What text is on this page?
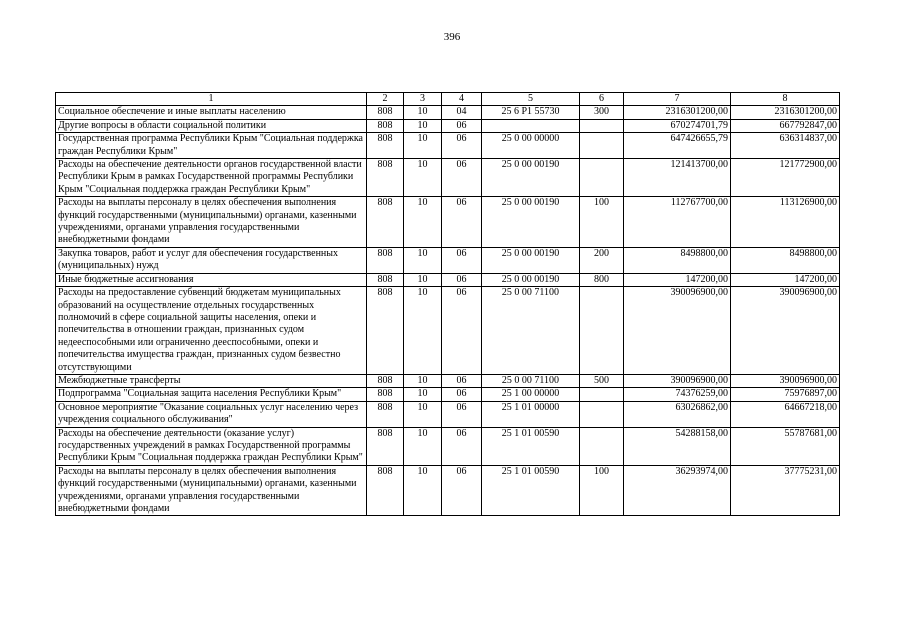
396
1	2	3	4	5	6	7	8
Социальное обеспечение и иные выплаты населению	808	10	04	25 6 P1 55730	300	2316301200,00	2316301200,00
Другие вопросы в области социальной политики	808	10	06			670274701,79	667792847,00
Государственная программа Республики Крым "Социальная поддержка граждан Республики Крым"	808	10	06	25 0 00 00000		647426655,79	636314837,00
Расходы на обеспечение деятельности органов государственной власти Республики Крым в рамках Государственной программы Республики Крым "Социальная поддержка граждан Республики Крым"	808	10	06	25 0 00 00190		121413700,00	121772900,00
Расходы на выплаты персоналу в целях обеспечения выполнения функций государственными (муниципальными) органами, казенными учреждениями, органами управления государственными внебюджетными фондами	808	10	06	25 0 00 00190	100	112767700,00	113126900,00
Закупка товаров, работ и услуг для обеспечения государственных (муниципальных) нужд	808	10	06	25 0 00 00190	200	8498800,00	8498800,00
Иные бюджетные ассигнования	808	10	06	25 0 00 00190	800	147200,00	147200,00
Расходы на предоставление субвенций бюджетам муниципальных образований на осуществление отдельных государственных полномочий в сфере социальной защиты населения, опеки и попечительства в отношении граждан, признанных судом недееспособными или ограниченно дееспособными, опеки и попечительства имущества граждан, признанных судом безвестно отсутствующими	808	10	06	25 0 00 71100		390096900,00	390096900,00
Межбюджетные трансферты	808	10	06	25 0 00 71100	500	390096900,00	390096900,00
Подпрограмма "Социальная защита населения Республики Крым"	808	10	06	25 1 00 00000		74376259,00	75976897,00
Основное мероприятие "Оказание социальных услуг населению через учреждения социального обслуживания"	808	10	06	25 1 01 00000		63026862,00	64667218,00
Расходы на обеспечение деятельности (оказание услуг) государственных учреждений в рамках Государственной программы Республики Крым "Социальная поддержка граждан Республики Крым"	808	10	06	25 1 01 00590		54288158,00	55787681,00
Расходы на выплаты персоналу в целях обеспечения выполнения функций государственными (муниципальными) органами, казенными учреждениями, органами управления государственными внебюджетными фондами	808	10	06	25 1 01 00590	100	36293974,00	37775231,00
